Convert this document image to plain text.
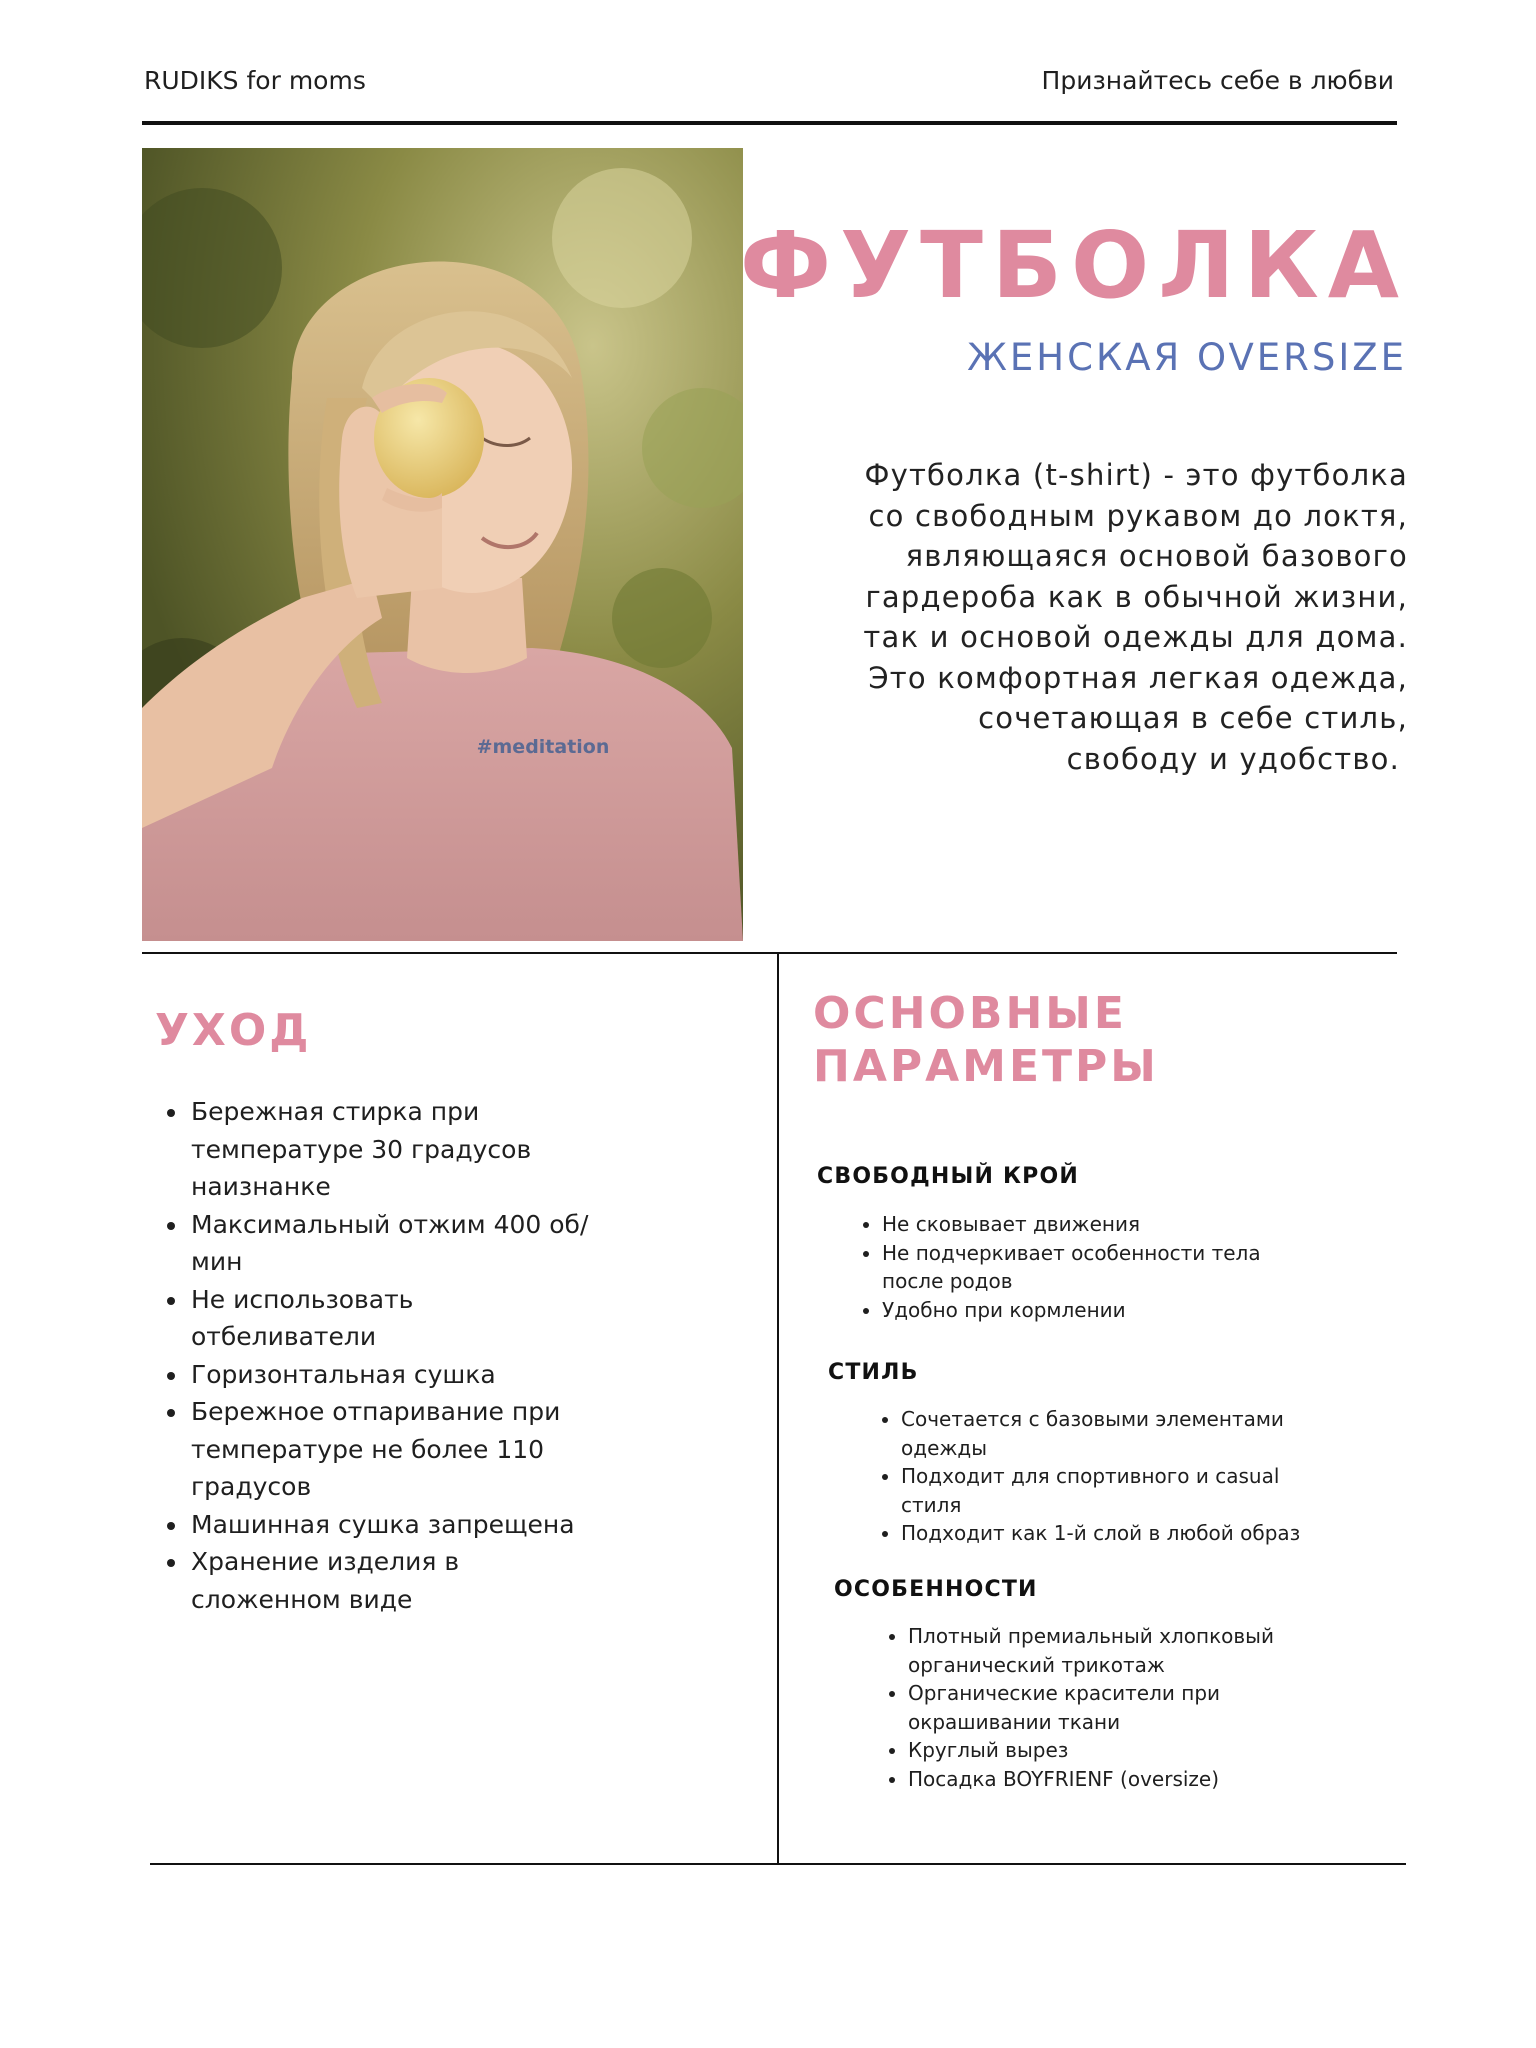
RUDIKS for moms	Признайтесь себе в любви
#meditation
ФУТБОЛКА
ЖЕНСКАЯ OVERSIZE
Футболка (t-shirt) - это футболка
со свободным рукавом до локтя,
являющаяся основой базового
гардероба как в обычной жизни,
так и основой одежды для дома.
Это комфортная легкая одежда,
сочетающая в себе стиль,
свободу и удобство.
УХОД
• Бережная стирка при температуре 30 градусов наизнанке
• Максимальный отжим 400 об/мин
• Не использовать отбеливатели
• Горизонтальная сушка
• Бережное отпаривание при температуре не более 110 градусов
• Машинная сушка запрещена
• Хранение изделия в сложенном виде
ОСНОВНЫЕ
ПАРАМЕТРЫ
СВОБОДНЫЙ КРОЙ
• Не сковывает движения
• Не подчеркивает особенности тела после родов
• Удобно при кормлении
СТИЛЬ
• Сочетается с базовыми элементами одежды
• Подходит для спортивного и casual стиля
• Подходит как 1-й слой в любой образ
ОСОБЕННОСТИ
• Плотный премиальный хлопковый органический трикотаж
• Органические красители при окрашивании ткани
• Круглый вырез
• Посадка BOYFRIENF (oversize)
